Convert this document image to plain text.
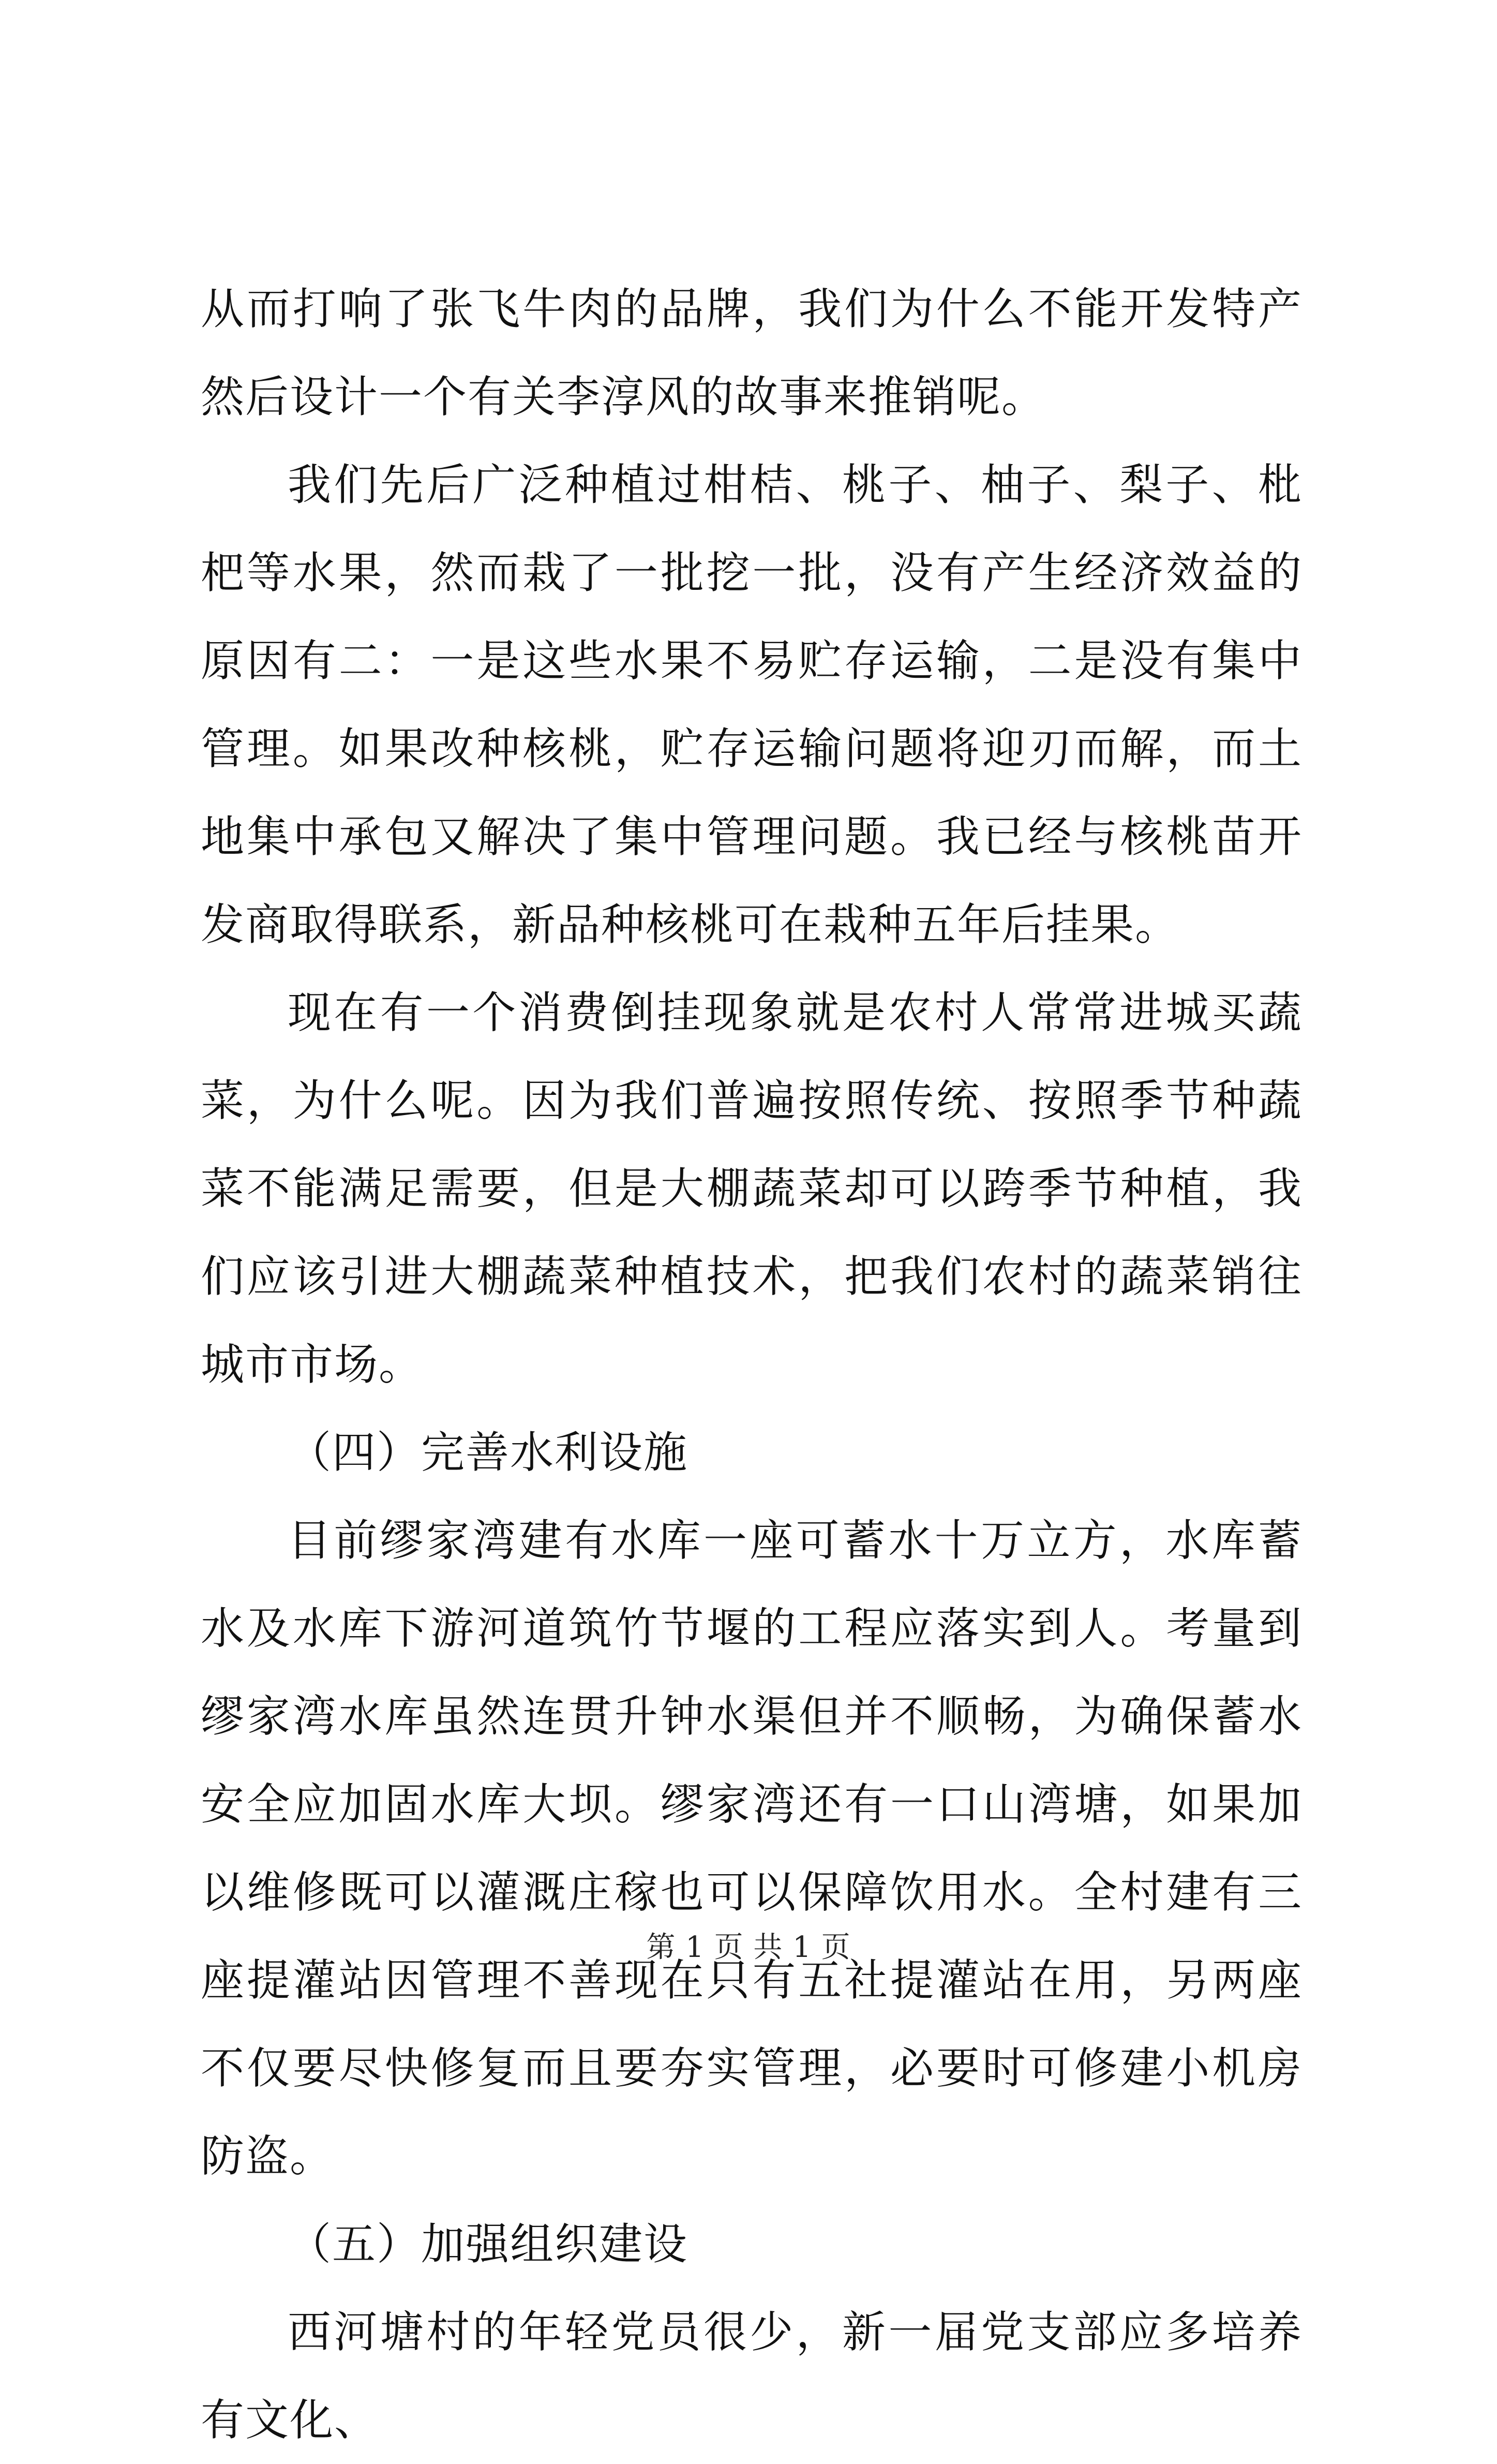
从而打响了张飞牛肉的品牌，我们为什么不能开发特产然后设计一个有关李淳风的故事来推销呢。

我们先后广泛种植过柑桔、桃子、柚子、梨子、枇杷等水果，然而栽了一批挖一批，没有产生经济效益的原因有二：一是这些水果不易贮存运输，二是没有集中管理。如果改种核桃，贮存运输问题将迎刃而解，而土地集中承包又解决了集中管理问题。我已经与核桃苗开发商取得联系，新品种核桃可在栽种五年后挂果。

现在有一个消费倒挂现象就是农村人常常进城买蔬菜，为什么呢。因为我们普遍按照传统、按照季节种蔬菜不能满足需要，但是大棚蔬菜却可以跨季节种植，我们应该引进大棚蔬菜种植技术，把我们农村的蔬菜销往城市市场。

（四）完善水利设施

目前缪家湾建有水库一座可蓄水十万立方，水库蓄水及水库下游河道筑竹节堰的工程应落实到人。考量到缪家湾水库虽然连贯升钟水渠但并不顺畅，为确保蓄水安全应加固水库大坝。缪家湾还有一口山湾塘，如果加以维修既可以灌溉庄稼也可以保障饮用水。全村建有三座提灌站因管理不善现在只有五社提灌站在用，另两座不仅要尽快修复而且要夯实管理，必要时可修建小机房防盗。

（五）加强组织建设

西河塘村的年轻党员很少，新一届党支部应多培养有文化、

第 1 页 共 1 页
